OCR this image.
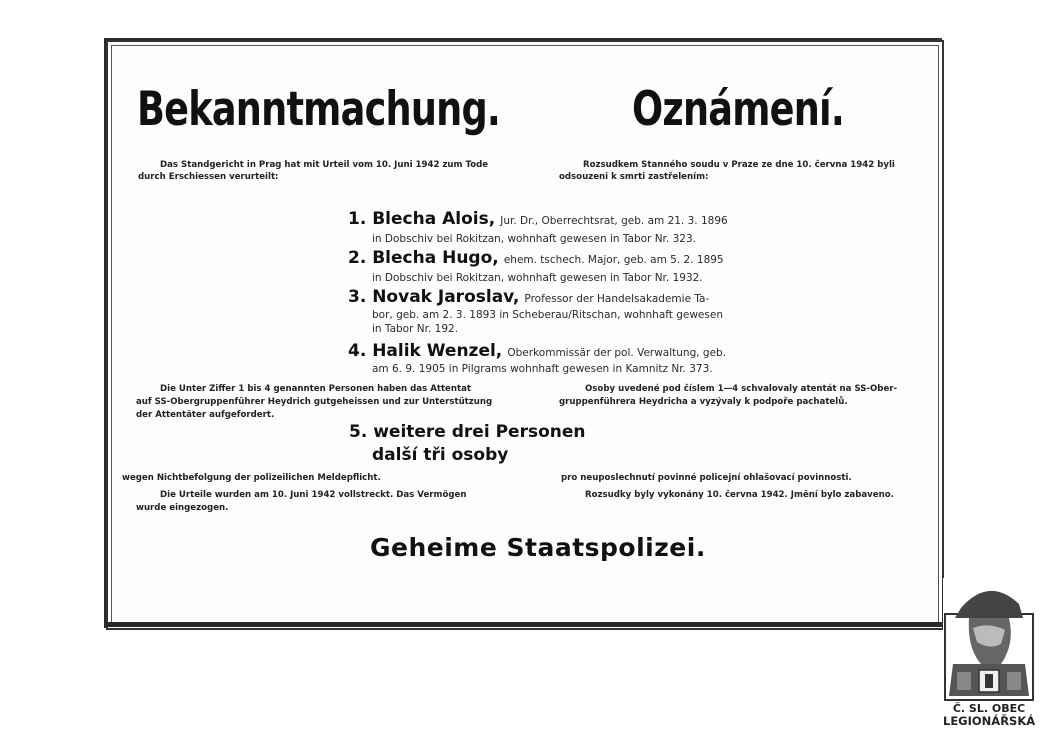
Bekanntmachung.	Oznámení.
Das Standgericht in Prag hat mit Urteil vom 10. Juni 1942 zum Tode
durch Erschiessen verurteilt:
Rozsudkem Stanného soudu v Praze ze dne 10. června 1942 byli
odsouzeni k smrti zastřelením:
1. Blecha Alois, Jur. Dr., Oberrechtsrat, geb. am 21. 3. 1896
in Dobschiv bei Rokitzan, wohnhaft gewesen in Tabor Nr. 323.
2. Blecha Hugo, ehem. tschech. Major, geb. am 5. 2. 1895
in Dobschiv bei Rokitzan, wohnhaft gewesen in Tabor Nr. 1932.
3. Novak Jaroslav, Professor der Handelsakademie Ta-
bor, geb. am 2. 3. 1893 in Scheberau/Ritschan, wohnhaft gewesen
in Tabor Nr. 192.
4. Halik Wenzel, Oberkommissär der pol. Verwaltung, geb.
am 6. 9. 1905 in Pilgrams wohnhaft gewesen in Kamnitz Nr. 373.
Die Unter Ziffer 1 bis 4 genannten Personen haben das Attentat
auf SS-Obergruppenführer Heydrich gutgeheissen und zur Unterstützung
der Attentäter aufgefordert.
Osoby uvedené pod číslem 1—4 schvalovaly atentát na SS-Ober-
gruppenführera Heydricha a vyzývaly k podpoře pachatelů.
5. weitere drei Personen
další tři osoby
wegen Nichtbefolgung der polizeilichen Meldepflicht.	pro neuposlechnutí povinné policejní ohlašovací povinnosti.
Die Urteile wurden am 10. Juni 1942 vollstreckt. Das Vermögen
wurde eingezogen.
Rozsudky byly vykonány 10. června 1942. Jmění bylo zabaveno.
Geheime Staatspolizei.
Č. SL. OBEC
LEGIONÁŘSKÁ
